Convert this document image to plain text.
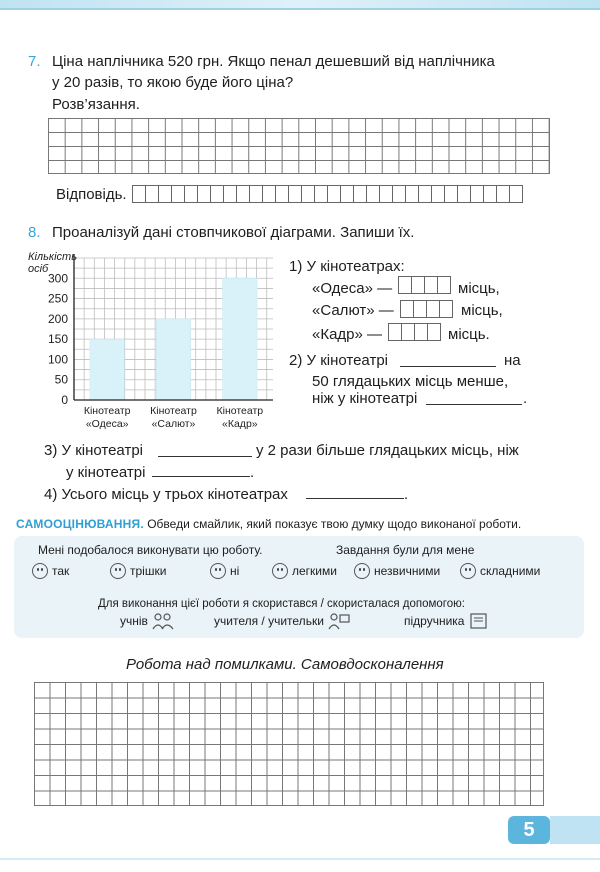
7. Ціна наплічника 520 грн. Якщо пенал дешевший від наплічника
у 20 разів, то якою буде його ціна?
Розв’язання.
Відповідь.
8. Проаналізуй дані стовпчикової діаграми. Запиши їх.
0
50
100
150
200
250
300
Кінотеатр
«Одеса»
Кінотеатр
«Салют»
Кінотеатр
«Кадр»
Кількість осіб	1) У кінотеатрах:
«Одеса» —	місць,
«Салют» —	місць,
«Кадр» —	місць.
2) У кінотеатрі	на
50 глядацьких місць менше,
ніж у кінотеатрі	.
3) У кінотеатрі	у 2 рази більше глядацьких місць, ніж
у кінотеатрі	.
4) Усього місць у трьох кінотеатрах	.
САМООЦІНЮВАННЯ. Обведи смайлик, який показує твою думку щодо виконаної роботи.
Мені подобалося виконувати цю роботу.	Завдання були для мене
так	трішки	ні	легкими	незвичними	складними
Для виконання цієї роботи я скористався / скористалася допомогою:
учнів	учителя / учительки	підручника
Робота над помилками. Самовдосконалення
5
